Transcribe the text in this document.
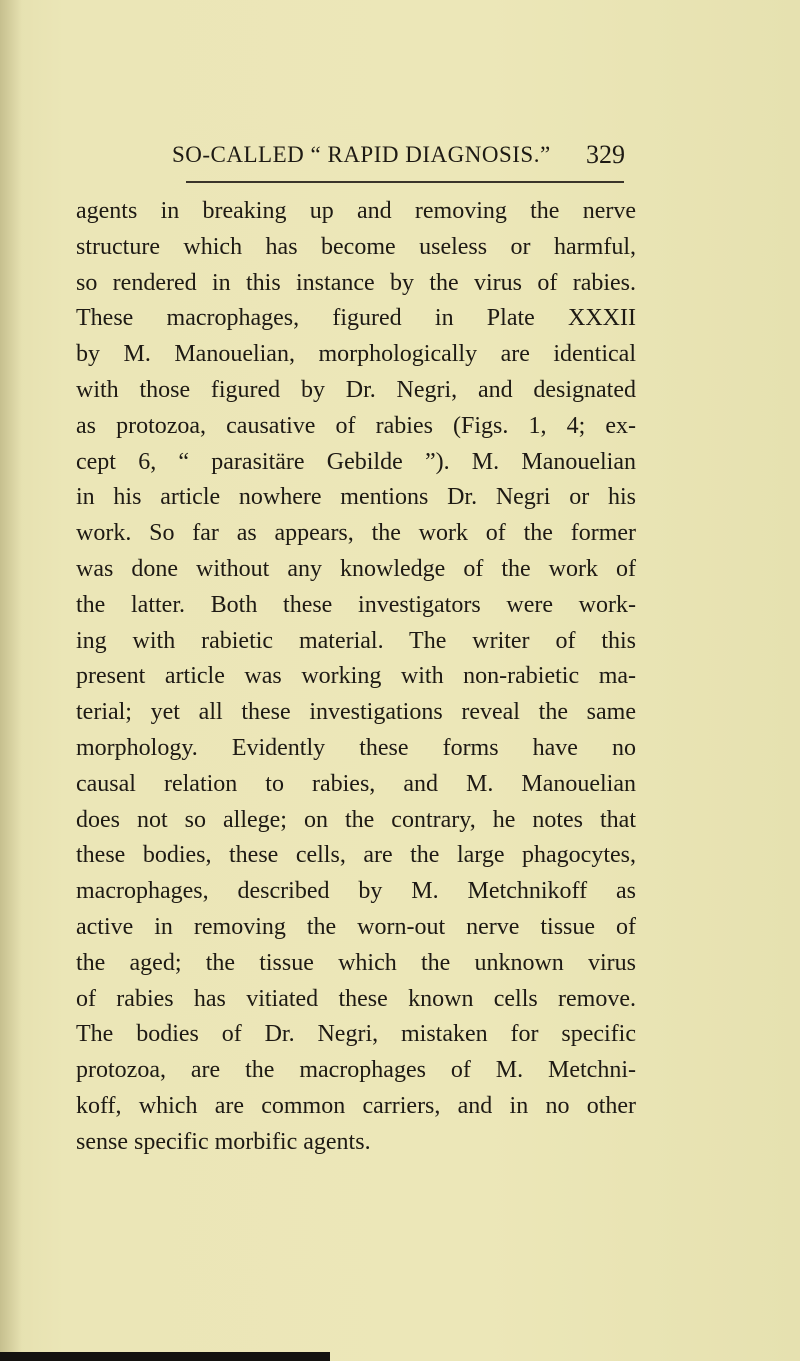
SO-CALLED “ RAPID DIAGNOSIS.” 329
agents in breaking up and removing the nerve
structure which has become useless or harmful,
so rendered in this instance by the virus of rabies.
These macrophages, figured in Plate XXXII
by M. Manouelian, morphologically are identical
with those figured by Dr. Negri, and designated
as protozoa, causative of rabies (Figs. 1, 4; ex-
cept 6, “ parasitäre Gebilde ”). M. Manouelian
in his article nowhere mentions Dr. Negri or his
work. So far as appears, the work of the former
was done without any knowledge of the work of
the latter. Both these investigators were work-
ing with rabietic material. The writer of this
present article was working with non-rabietic ma-
terial; yet all these investigations reveal the same
morphology. Evidently these forms have no
causal relation to rabies, and M. Manouelian
does not so allege; on the contrary, he notes that
these bodies, these cells, are the large phagocytes,
macrophages, described by M. Metchnikoff as
active in removing the worn-out nerve tissue of
the aged; the tissue which the unknown virus
of rabies has vitiated these known cells remove.
The bodies of Dr. Negri, mistaken for specific
protozoa, are the macrophages of M. Metchni-
koff, which are common carriers, and in no other
sense specific morbific agents.
